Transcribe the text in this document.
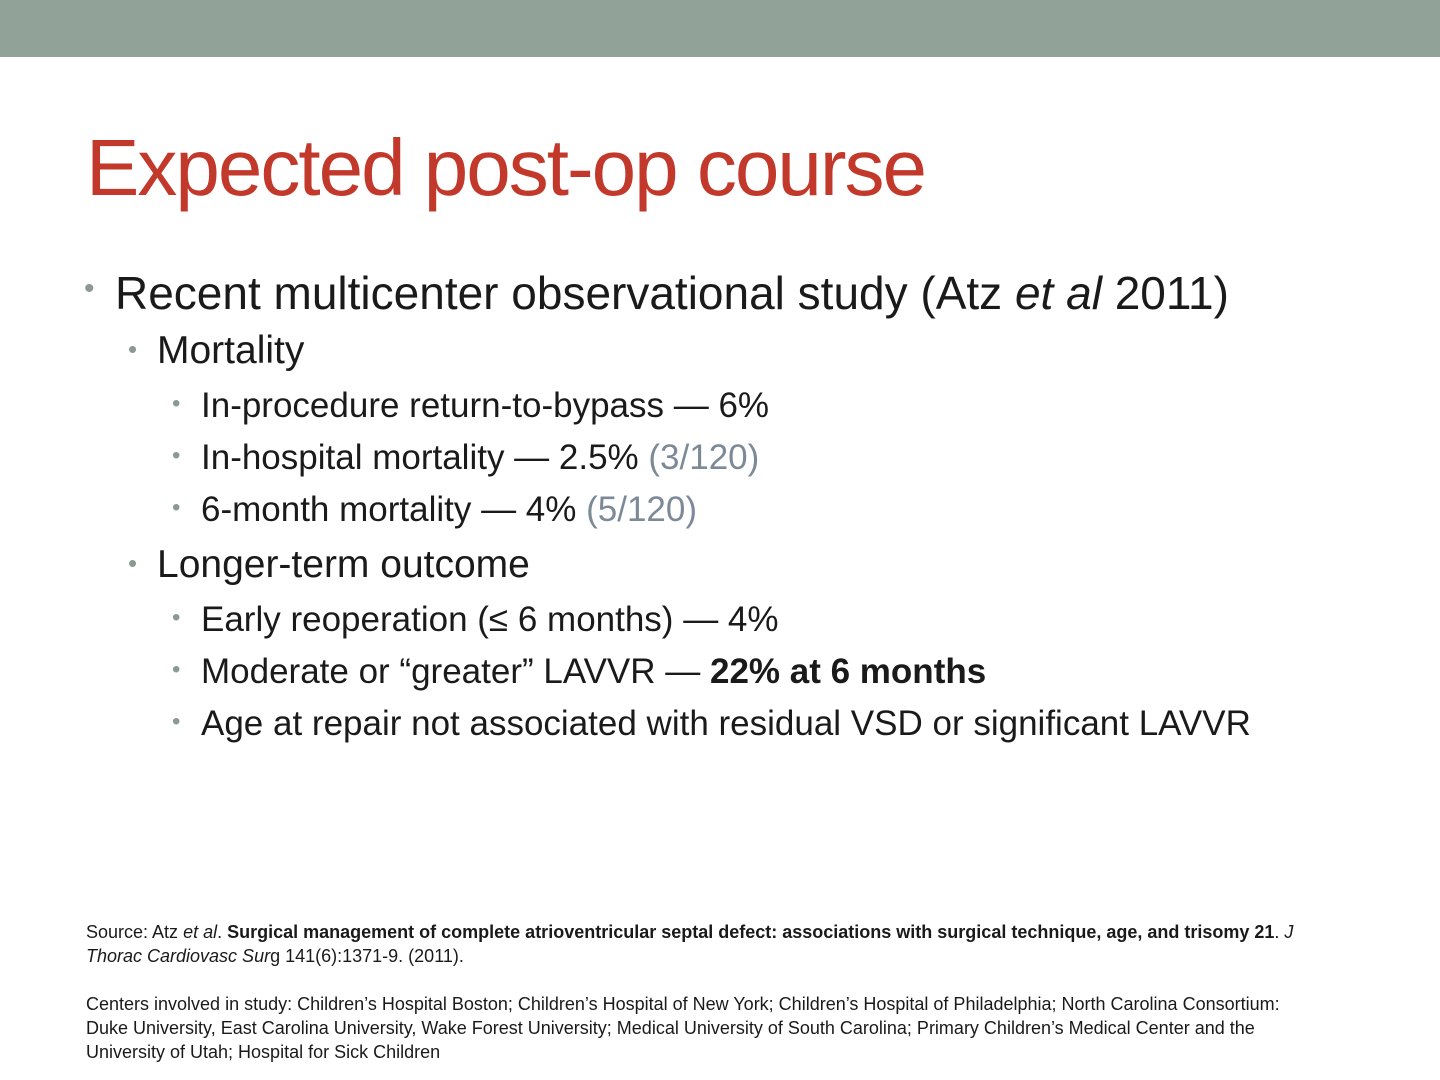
Expected post-op course
• Recent multicenter observational study (Atz et al 2011)
• Mortality
• In-procedure return-to-bypass — 6%
• In-hospital mortality — 2.5% (3/120)
• 6-month mortality — 4% (5/120)
• Longer-term outcome
• Early reoperation (≤ 6 months) — 4%
• Moderate or “greater” LAVVR — 22% at 6 months
• Age at repair not associated with residual VSD or significant LAVVR

Source: Atz et al. Surgical management of complete atrioventricular septal defect: associations with surgical technique, age, and trisomy 21. J Thorac Cardiovasc Surg 141(6):1371-9. (2011).

Centers involved in study: Children’s Hospital Boston; Children’s Hospital of New York; Children’s Hospital of Philadelphia; North Carolina Consortium: Duke University, East Carolina University, Wake Forest University; Medical University of South Carolina; Primary Children’s Medical Center and the University of Utah; Hospital for Sick Children
